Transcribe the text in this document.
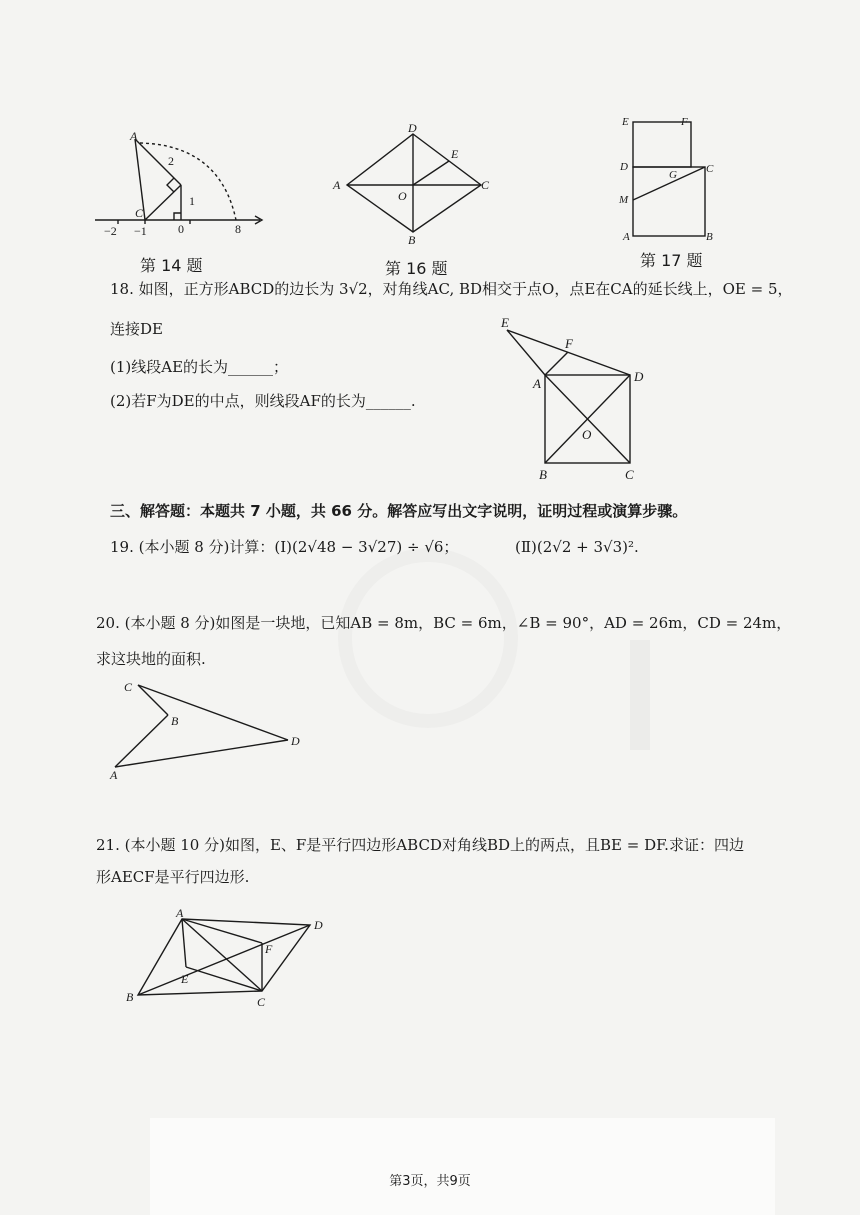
A
C
2
1
−2 −1	0	8
第 14 题
D
E
A
O
C
B
第 16 题
E	F
D
G	C
M
A	B
第 17 题
18. 如图，正方形ABCD的边长为 3√2，对角线AC, BD相交于点O，点E在CA的延长线上，OE = 5，
连接DE
(1)线段AE的长为______；
(2)若F为DE的中点，则线段AF的长为______.
E
F
A	D
O
B	C
三、解答题：本题共 7 小题，共 66 分。解答应写出文字说明，证明过程或演算步骤。
19. (本小题 8 分)计算：(Ⅰ)(2√48 − 3√27) ÷ √6；	(Ⅱ)(2√2 + 3√3)².
20. (本小题 8 分)如图是一块地，已知AB = 8m，BC = 6m，∠B = 90°，AD = 26m，CD = 24m，
求这块地的面积.
C
B
D
A
21. (本小题 10 分)如图，E、F是平行四边形ABCD对角线BD上的两点，且BE = DF.求证：四边
形AECF是平行四边形.
A
D
F
E
B	C
第3页，共9页
